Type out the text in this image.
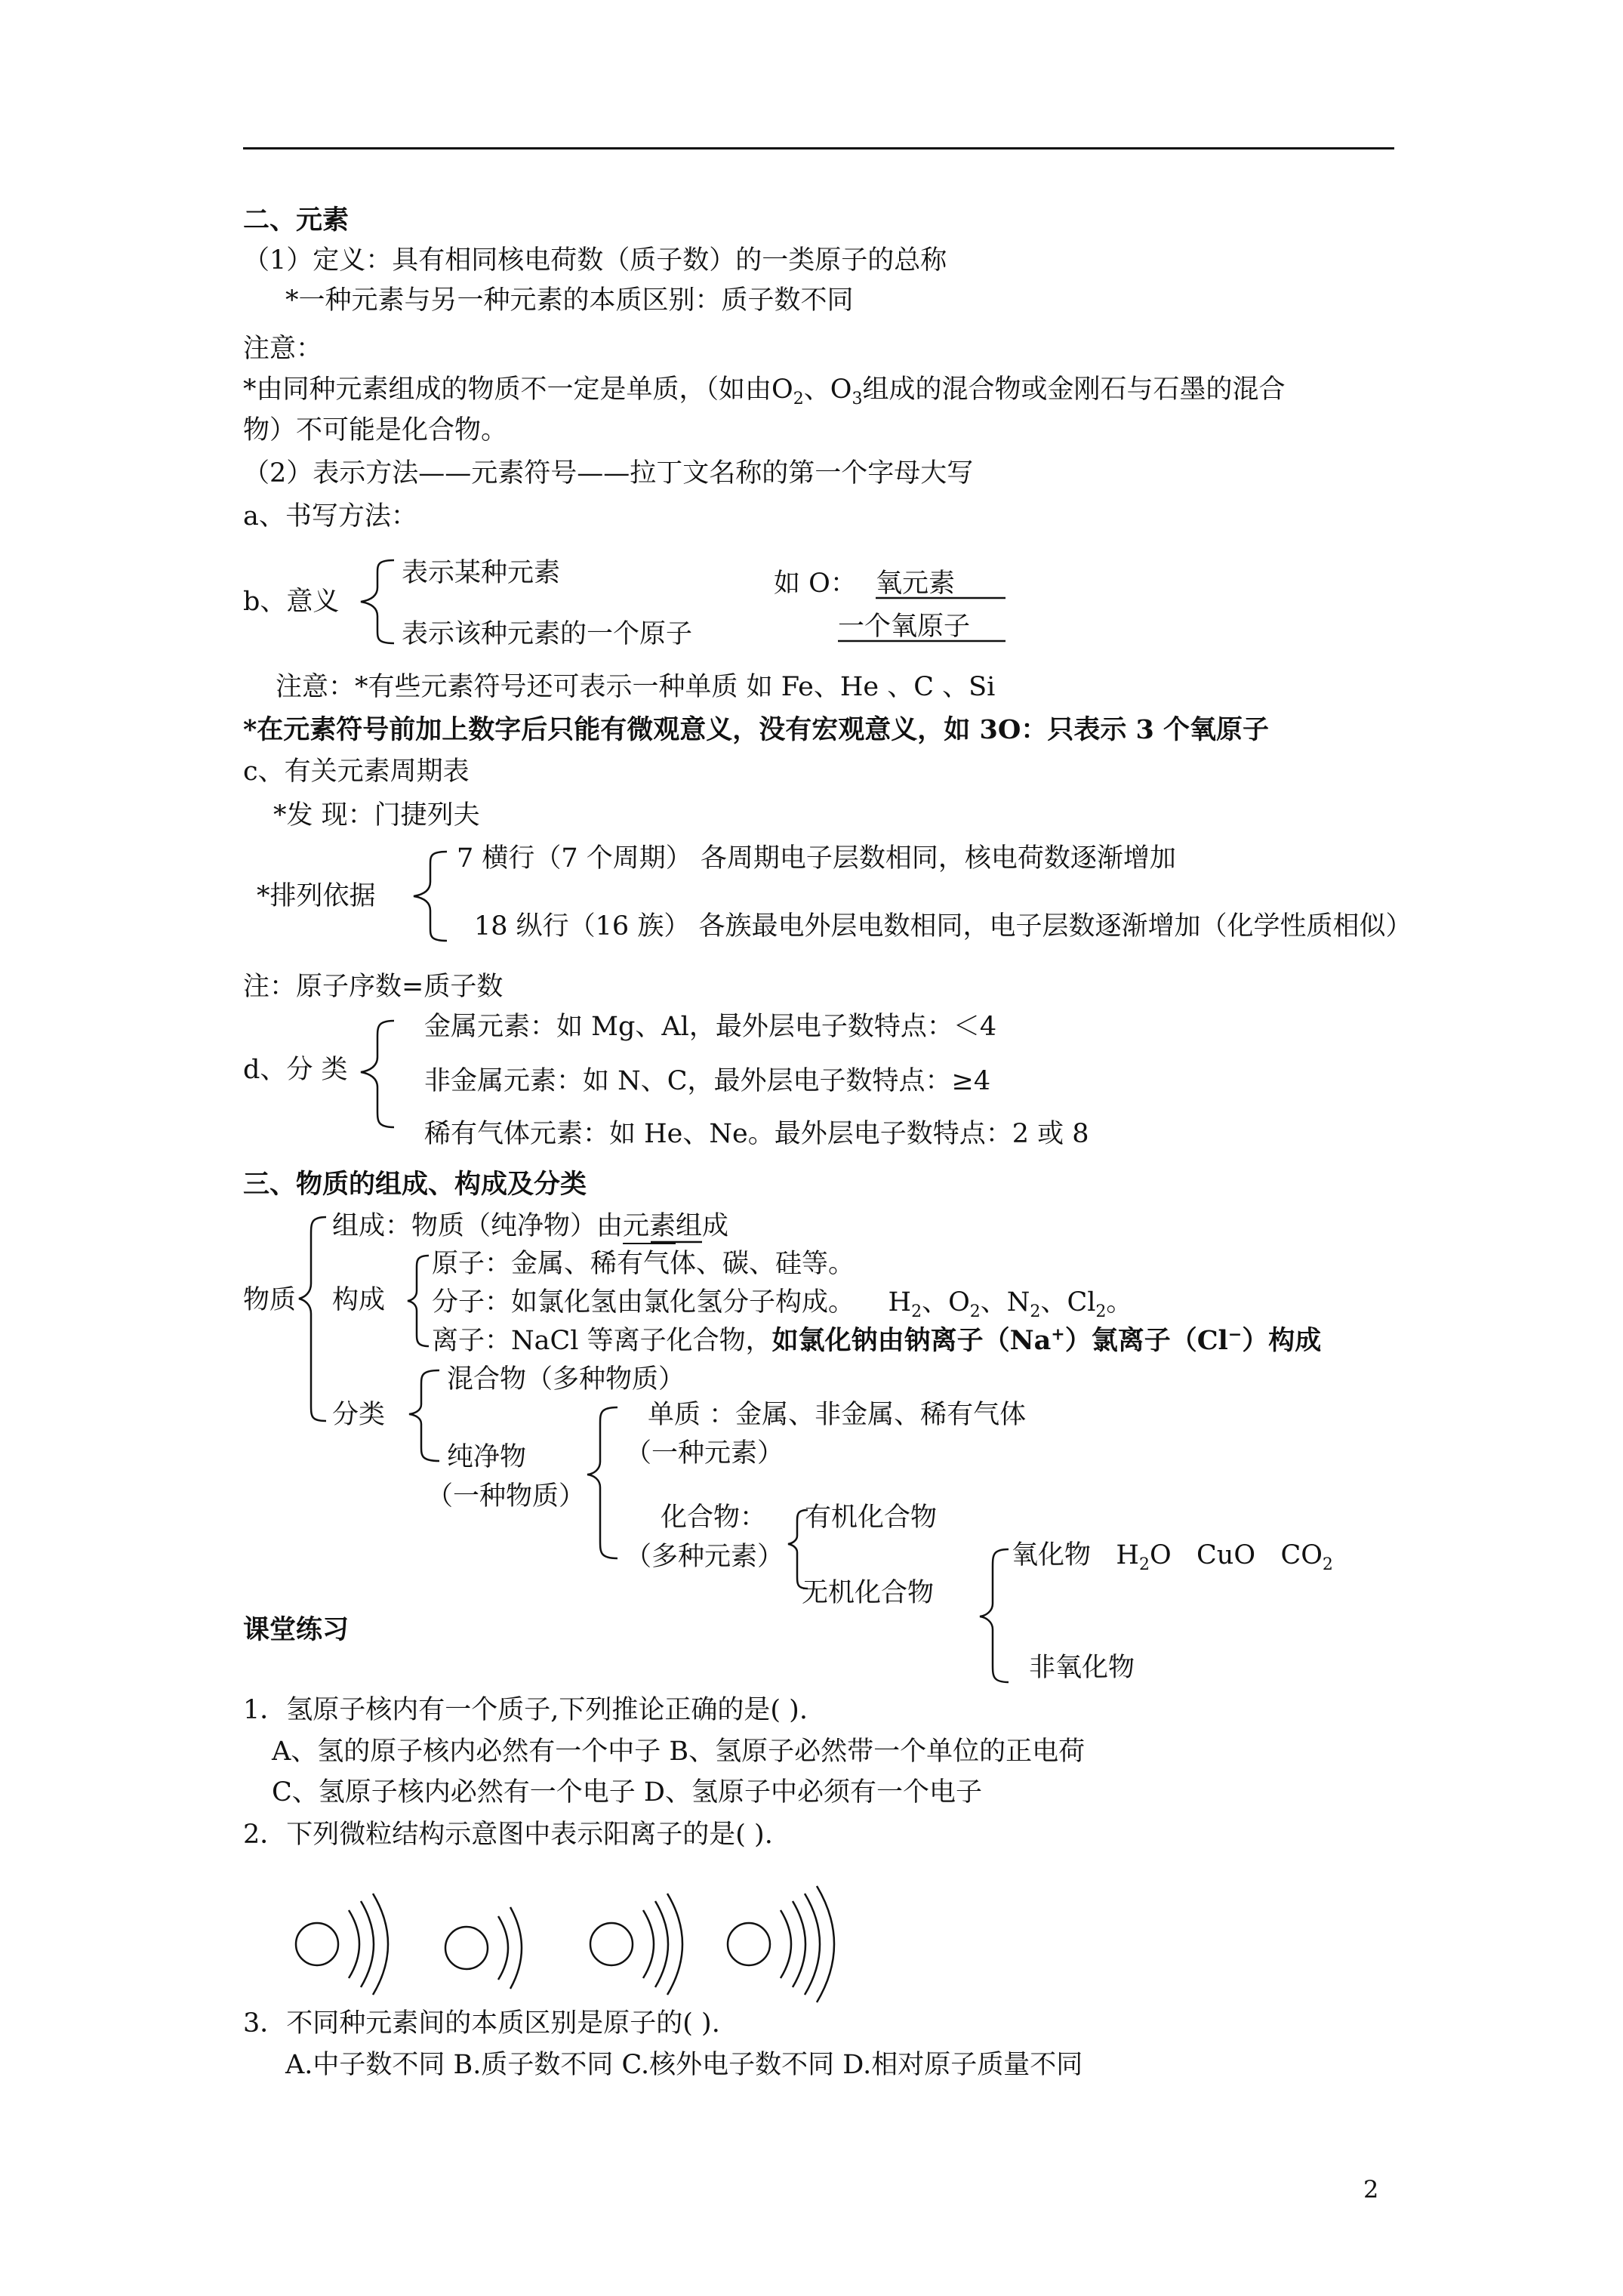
二、元素
（1）定义：具有相同核电荷数（质子数）的一类原子的总称
*一种元素与另一种元素的本质区别：质子数不同
注意：
*由同种元素组成的物质不一定是单质，（如由$O_2$、$O_3$组成的混合物或金刚石与石墨的混合
物）不可能是化合物。
（2）表示方法——元素符号——拉丁文名称的第一个字母大写
a、书写方法：
b、意义
表示某种元素
表示该种元素的一个原子
如 O： 氧元素
一个氧原子
注意：*有些元素符号还可表示一种单质 如 Fe、He 、C 、Si
*在元素符号前加上数字后只能有微观意义，没有宏观意义，如 3O：只表示 3 个氧原子
c、有关元素周期表
*发 现：门捷列夫
*排列依据
7 横行（7 个周期） 各周期电子层数相同，核电荷数逐渐增加
18 纵行（16 族） 各族最电外层电数相同，电子层数逐渐增加（化学性质相似）
注：原子序数=质子数
d、分 类
金属元素：如 Mg、Al，最外层电子数特点：＜4
非金属元素：如 N、C，最外层电子数特点：≥4
稀有气体元素：如 He、Ne。最外层电子数特点：2 或 8
三、物质的组成、构成及分类
物质
组成：物质（纯净物）由元素组成
构成
原子：金属、稀有气体、碳、硅等。
分子：如氯化氢由氯化氢分子构成。 $H_2$、$O_2$、$N_2$、$Cl_2$。
离子：NaCl 等离子化合物，如氯化钠由钠离子（Na+）氯离子（Cl−）构成
分类
混合物（多种物质）
纯净物
（一种物质）
单质 ：金属、非金属、稀有气体
（一种元素）
化合物：
（多种元素）
有机化合物
无机化合物
氧化物 $H_2O$ CuO $CO_2$
非氧化物
课堂练习
1．氢原子核内有一个质子,下列推论正确的是( ).
A、氢的原子核内必然有一个中子 B、氢原子必然带一个单位的正电荷
C、氢原子核内必然有一个电子 D、氢原子中必须有一个电子
2．下列微粒结构示意图中表示阳离子的是( ).
3．不同种元素间的本质区别是原子的( ).
A.中子数不同 B.质子数不同 C.核外电子数不同 D.相对原子质量不同
2
